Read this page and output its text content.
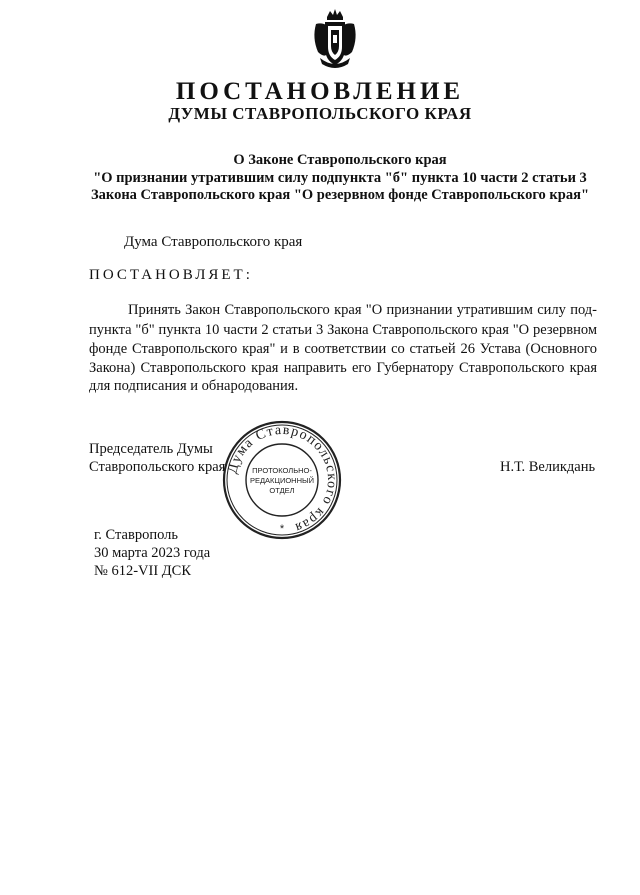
ПОСТАНОВЛЕНИЕ
ДУМЫ СТАВРОПОЛЬСКОГО КРАЯ
О Законе Ставропольского края
"О признании утратившим силу подпункта "б" пункта 10 части 2 статьи 3
Закона Ставропольского края "О резервном фонде Ставропольского края"
Дума Ставропольского края
ПОСТАНОВЛЯЕТ:
Принять Закон Ставропольского края "О признании утратившим силу под-
пункта "б" пункта 10 части 2 статьи 3 Закона Ставропольского края "О резервном
фонде Ставропольского края" и в соответствии со статьей 26 Устава (Основного
Закона) Ставропольского края направить его Губернатору Ставропольского края
для подписания и обнародования.
Председатель Думы
Ставропольского края	Н.Т. Великдань
Дума Ставропольского края
ПРОТОКОЛЬНО-
РЕДАКЦИОННЫЙ
ОТДЕЛ
*
г. Ставрополь
30 марта 2023 года
№ 612-VII ДСК
